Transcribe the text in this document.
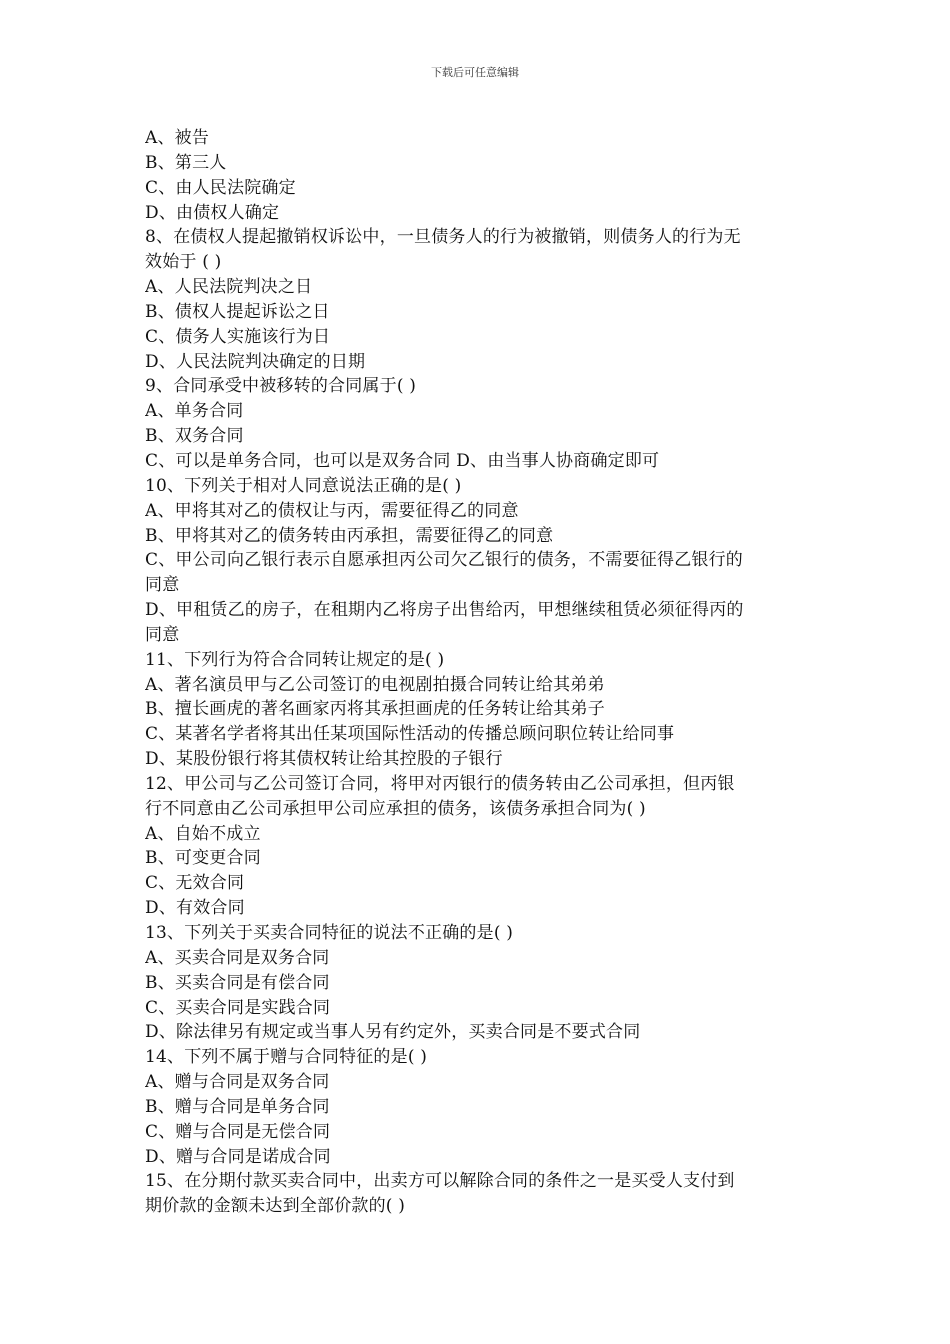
下载后可任意编辑
A、被告
B、第三人
C、由人民法院确定
D、由债权人确定
8、在债权人提起撤销权诉讼中，一旦债务人的行为被撤销，则债务人的行为无
效始于 ( )
A、人民法院判决之日
B、债权人提起诉讼之日
C、债务人实施该行为日
D、人民法院判决确定的日期
9、合同承受中被移转的合同属于( )
A、单务合同
B、双务合同
C、可以是单务合同，也可以是双务合同 D、由当事人协商确定即可
10、下列关于相对人同意说法正确的是( )
A、甲将其对乙的债权让与丙，需要征得乙的同意
B、甲将其对乙的债务转由丙承担，需要征得乙的同意
C、甲公司向乙银行表示自愿承担丙公司欠乙银行的债务，不需要征得乙银行的
同意
D、甲租赁乙的房子，在租期内乙将房子出售给丙，甲想继续租赁必须征得丙的
同意
11、下列行为符合合同转让规定的是( )
A、著名演员甲与乙公司签订的电视剧拍摄合同转让给其弟弟
B、擅长画虎的著名画家丙将其承担画虎的任务转让给其弟子
C、某著名学者将其出任某项国际性活动的传播总顾问职位转让给同事
D、某股份银行将其债权转让给其控股的子银行
12、甲公司与乙公司签订合同，将甲对丙银行的债务转由乙公司承担，但丙银
行不同意由乙公司承担甲公司应承担的债务，该债务承担合同为( )
A、自始不成立
B、可变更合同
C、无效合同
D、有效合同
13、下列关于买卖合同特征的说法不正确的是( )
A、买卖合同是双务合同
B、买卖合同是有偿合同
C、买卖合同是实践合同
D、除法律另有规定或当事人另有约定外，买卖合同是不要式合同
14、下列不属于赠与合同特征的是( )
A、赠与合同是双务合同
B、赠与合同是单务合同
C、赠与合同是无偿合同
D、赠与合同是诺成合同
15、在分期付款买卖合同中，出卖方可以解除合同的条件之一是买受人支付到
期价款的金额未达到全部价款的( )
